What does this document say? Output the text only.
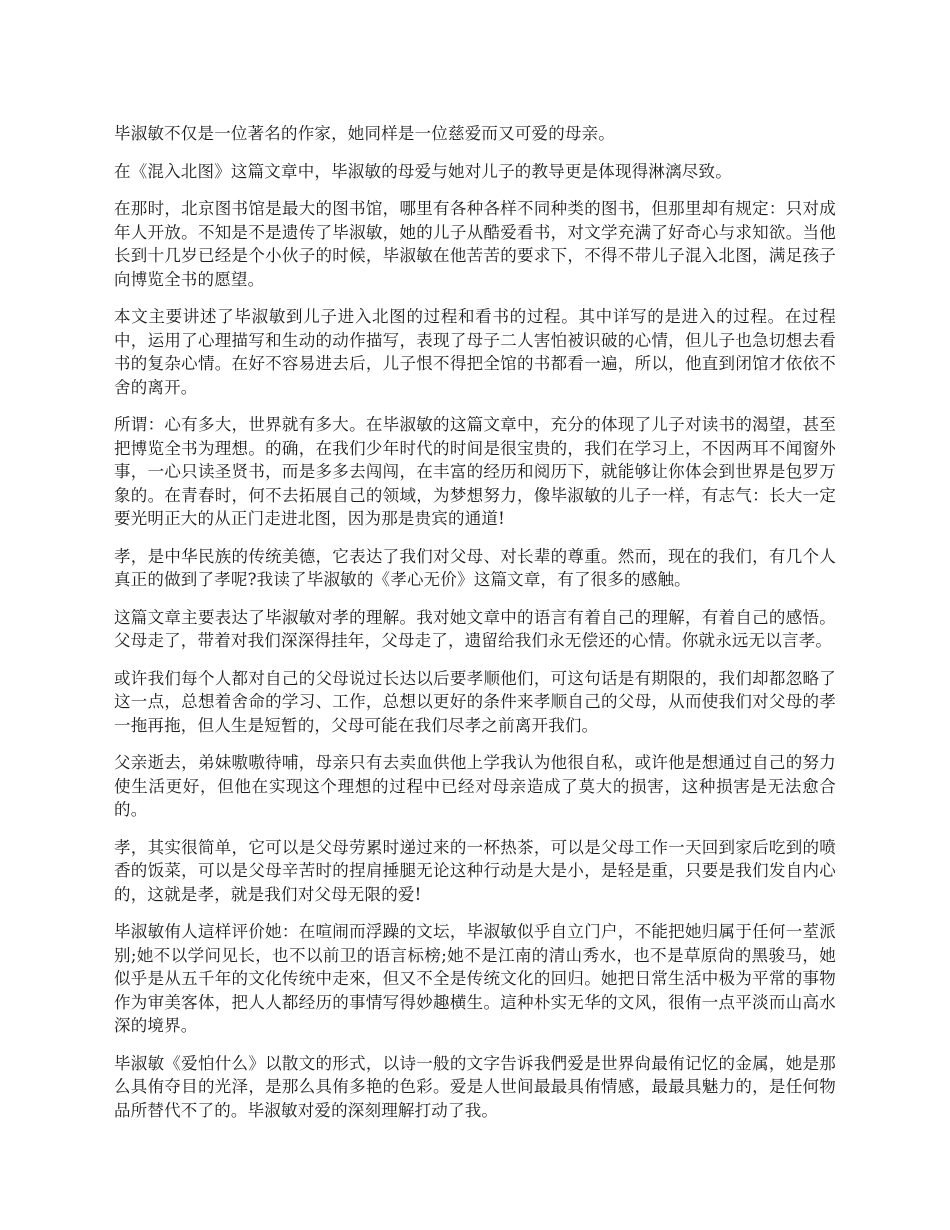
毕淑敏不仅是一位著名的作家，她同样是一位慈爱而又可爱的母亲。

在《混入北图》这篇文章中，毕淑敏的母爱与她对儿子的教导更是体现得淋漓尽致。

在那时，北京图书馆是最大的图书馆，哪里有各种各样不同种类的图书，但那里却有规定：只对成年人开放。不知是不是遗传了毕淑敏，她的儿子从酷爱看书，对文学充满了好奇心与求知欲。当他长到十几岁已经是个小伙子的时候，毕淑敏在他苦苦的要求下，不得不带儿子混入北图，满足孩子向博览全书的愿望。

本文主要讲述了毕淑敏到儿子进入北图的过程和看书的过程。其中详写的是进入的过程。在过程中，运用了心理描写和生动的动作描写，表现了母子二人害怕被识破的心情，但儿子也急切想去看书的复杂心情。在好不容易进去后，儿子恨不得把全馆的书都看一遍，所以，他直到闭馆才依依不舍的离开。

所谓：心有多大，世界就有多大。在毕淑敏的这篇文章中，充分的体现了儿子对读书的渴望，甚至把博览全书为理想。的确，在我们少年时代的时间是很宝贵的，我们在学习上，不因两耳不闻窗外事，一心只读圣贤书，而是多多去闯闯，在丰富的经历和阅历下，就能够让你体会到世界是包罗万象的。在青春时，何不去拓展自己的领域，为梦想努力，像毕淑敏的儿子一样，有志气：长大一定要光明正大的从正门走进北图，因为那是贵宾的通道!

孝，是中华民族的传统美德，它表达了我们对父母、对长辈的尊重。然而，现在的我们，有几个人真正的做到了孝呢?我读了毕淑敏的《孝心无价》这篇文章，有了很多的感触。

这篇文章主要表达了毕淑敏对孝的理解。我对她文章中的语言有着自己的理解，有着自己的感悟。父母走了，带着对我们深深得挂年，父母走了，遗留给我们永无偿还的心情。你就永远无以言孝。

或许我们每个人都对自己的父母说过长达以后要孝顺他们，可这句话是有期限的，我们却都忽略了这一点，总想着舍命的学习、工作，总想以更好的条件来孝顺自己的父母，从而使我们对父母的孝一拖再拖，但人生是短暂的，父母可能在我们尽孝之前离开我们。

父亲逝去，弟妹嗷嗷待哺，母亲只有去卖血供他上学我认为他很自私，或许他是想通过自己的努力使生活更好，但他在实现这个理想的过程中已经对母亲造成了莫大的损害，这种损害是无法愈合的。

孝，其实很简单，它可以是父母劳累时递过来的一杯热茶，可以是父母工作一天回到家后吃到的喷香的饭菜，可以是父母辛苦时的捏肩捶腿无论这种行动是大是小，是轻是重，只要是我们发自内心的，这就是孝，就是我们对父母无限的爱!

毕淑敏侑人這样评价她：在喧闹而浮躁的文坛，毕淑敏似乎自立门户，不能把她归属于任何一荎派别;她不以学问见长，也不以前卫的语言标榜;她不是江南的清山秀水，也不是草原尙的黑骏马，她似乎是从五千年的文化传统中走來，但又不全是传统文化的回归。她把日常生活中极为平常的事物作为审美客体，把人人都经历的事情写得妙趣横生。這种朴实无华的文风，很侑一点平淡而山高水深的境界。

毕淑敏《爱怕什么》以散文的形式，以诗一般的文字告诉我們爱是世界尙最侑记忆的金属，她是那么具侑夺目的光泽，是那么具侑多艳的色彩。爱是人世间最最具侑情感，最最具魅力的，是任何物品所替代不了的。毕淑敏对爱的深刻理解打动了我。
